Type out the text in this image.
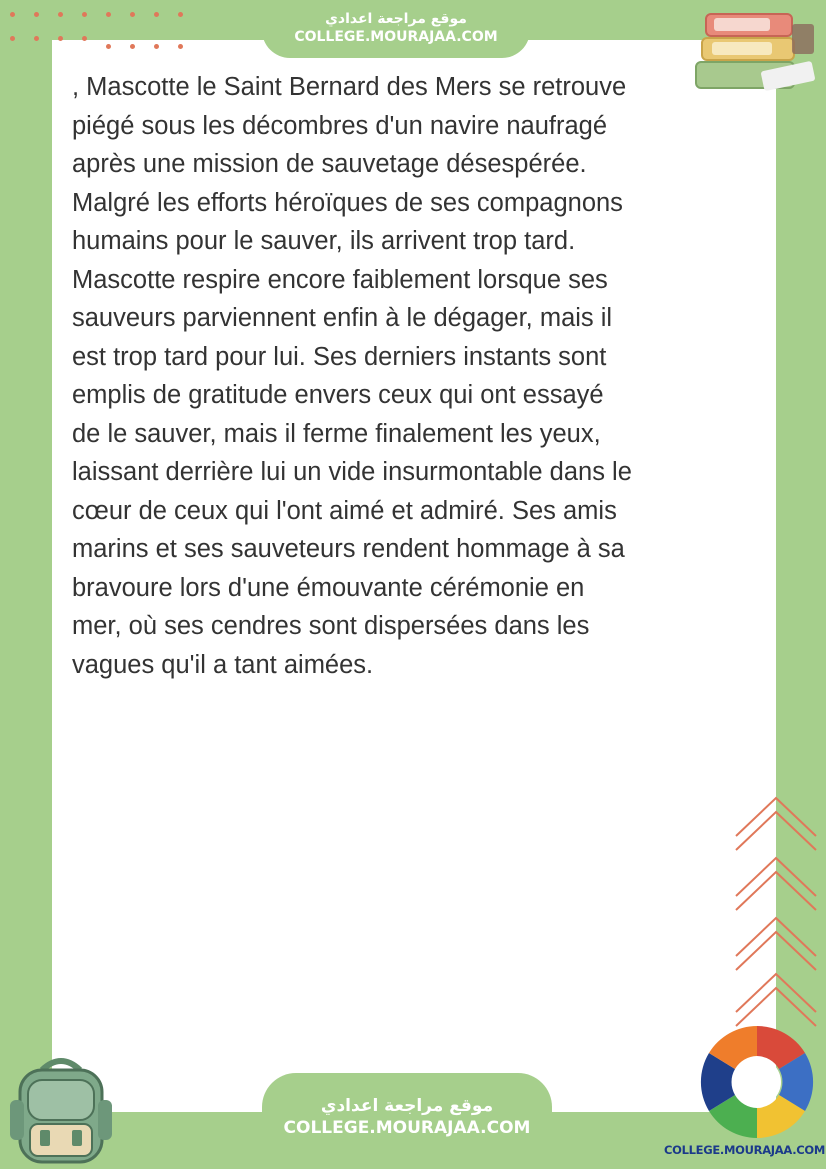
موقع مراجعة اعدادي
COLLEGE.MOURAJAA.COM
, Mascotte le Saint Bernard des Mers se retrouve
piégé sous les décombres d'un navire naufragé
après une mission de sauvetage désespérée.
Malgré les efforts héroïques de ses compagnons
humains pour le sauver, ils arrivent trop tard.
Mascotte respire encore faiblement lorsque ses
sauveurs parviennent enfin à le dégager, mais il
est trop tard pour lui. Ses derniers instants sont
emplis de gratitude envers ceux qui ont essayé
de le sauver, mais il ferme finalement les yeux,
laissant derrière lui un vide insurmontable dans le
cœur de ceux qui l'ont aimé et admiré. Ses amis
marins et ses sauveteurs rendent hommage à sa
bravoure lors d'une émouvante cérémonie en
mer, où ses cendres sont dispersées dans les
vagues qu'il a tant aimées.
موقع مراجعة اعدادي
COLLEGE.MOURAJAA.COM
COLLEGE.MOURAJAA.COM
